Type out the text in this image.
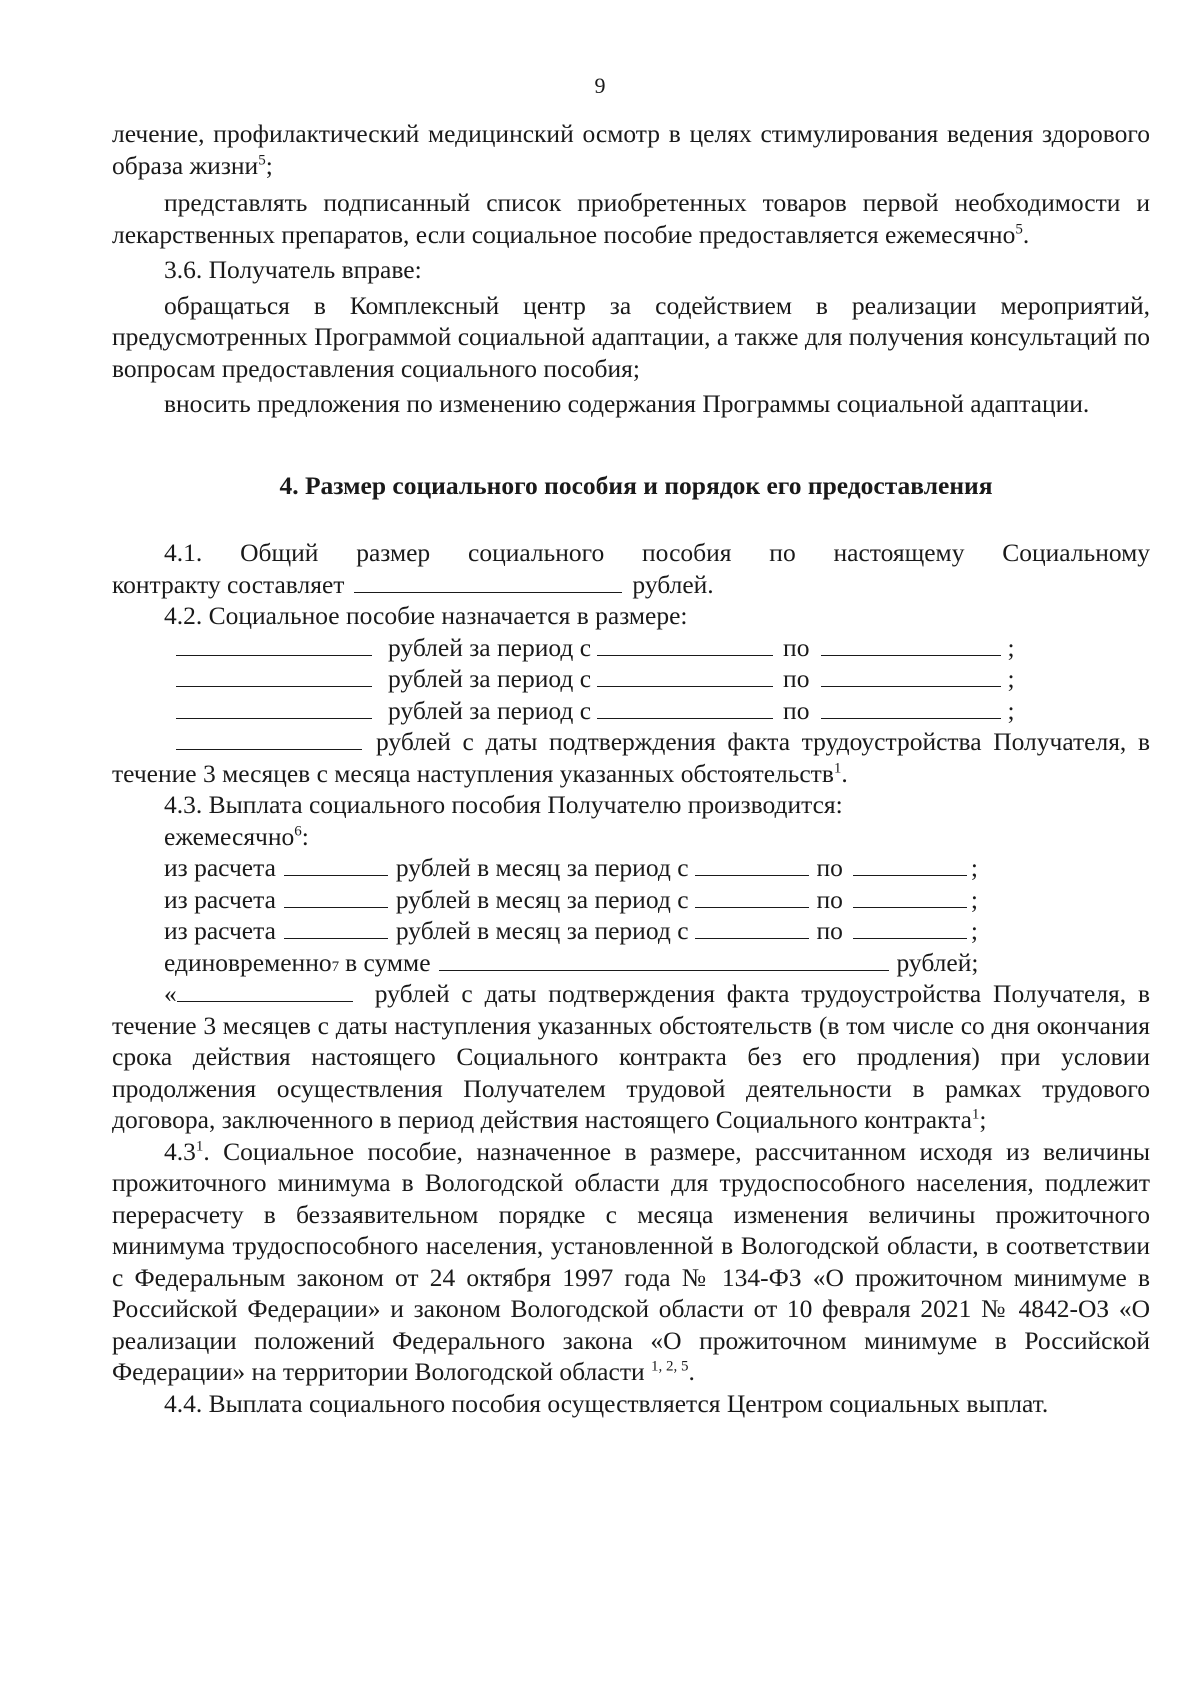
9

лечение, профилактический медицинский осмотр в целях стимулирования ведения здорового образа жизни$^5$;

представлять подписанный список приобретенных товаров первой необходимости и лекарственных препаратов, если социальное пособие предоставляется ежемесячно$^5$.

3.6. Получатель вправе:

обращаться в Комплексный центр за содействием в реализации мероприятий, предусмотренных Программой социальной адаптации, а также для получения консультаций по вопросам предоставления социального пособия;

вносить предложения по изменению содержания Программы социальной адаптации.

4. Размер социального пособия и порядок его предоставления

4.1. Общий размер социального пособия по настоящему Социальному

контракту составляет	рублей.

4.2. Социальное пособие назначается в размере:

рублей за период с	по	;

рублей за период с	по	;

рублей за период с	по	;

рублей с даты подтверждения факта трудоустройства Получателя, в течение 3 месяцев с месяца наступления указанных обстоятельств$^1$.

4.3. Выплата социального пособия Получателю производится:

ежемесячно$^6$:

из расчета	рублей в месяц за период с	по	;

из расчета	рублей в месяц за период с	по	;

из расчета	рублей в месяц за период с	по	;

единовременно 7 в сумме	рублей;

«	рублей с даты подтверждения факта трудоустройства Получателя, в течение 3 месяцев с даты наступления указанных обстоятельств (в том числе со дня окончания срока действия настоящего Социального контракта без его продления) при условии продолжения осуществления Получателем трудовой деятельности в рамках трудового договора, заключенного в период действия настоящего Социального контракта$^1$;

$4.3^1$. Социальное пособие, назначенное в размере, рассчитанном исходя из величины прожиточного минимума в Вологодской области для трудоспособного населения, подлежит перерасчету в беззаявительном порядке с месяца изменения величины прожиточного минимума трудоспособного населения, установленной в Вологодской области, в соответствии с Федеральным законом от 24 октября 1997 года № 134-ФЗ «О прожиточном минимуме в Российской Федерации» и законом Вологодской области от 10 февраля 2021 № 4842-ОЗ «О реализации положений Федерального закона «О прожиточном минимуме в Российской Федерации» на территории Вологодской области $^{1, 2, 5}$.

4.4. Выплата социального пособия осуществляется Центром социальных выплат.
